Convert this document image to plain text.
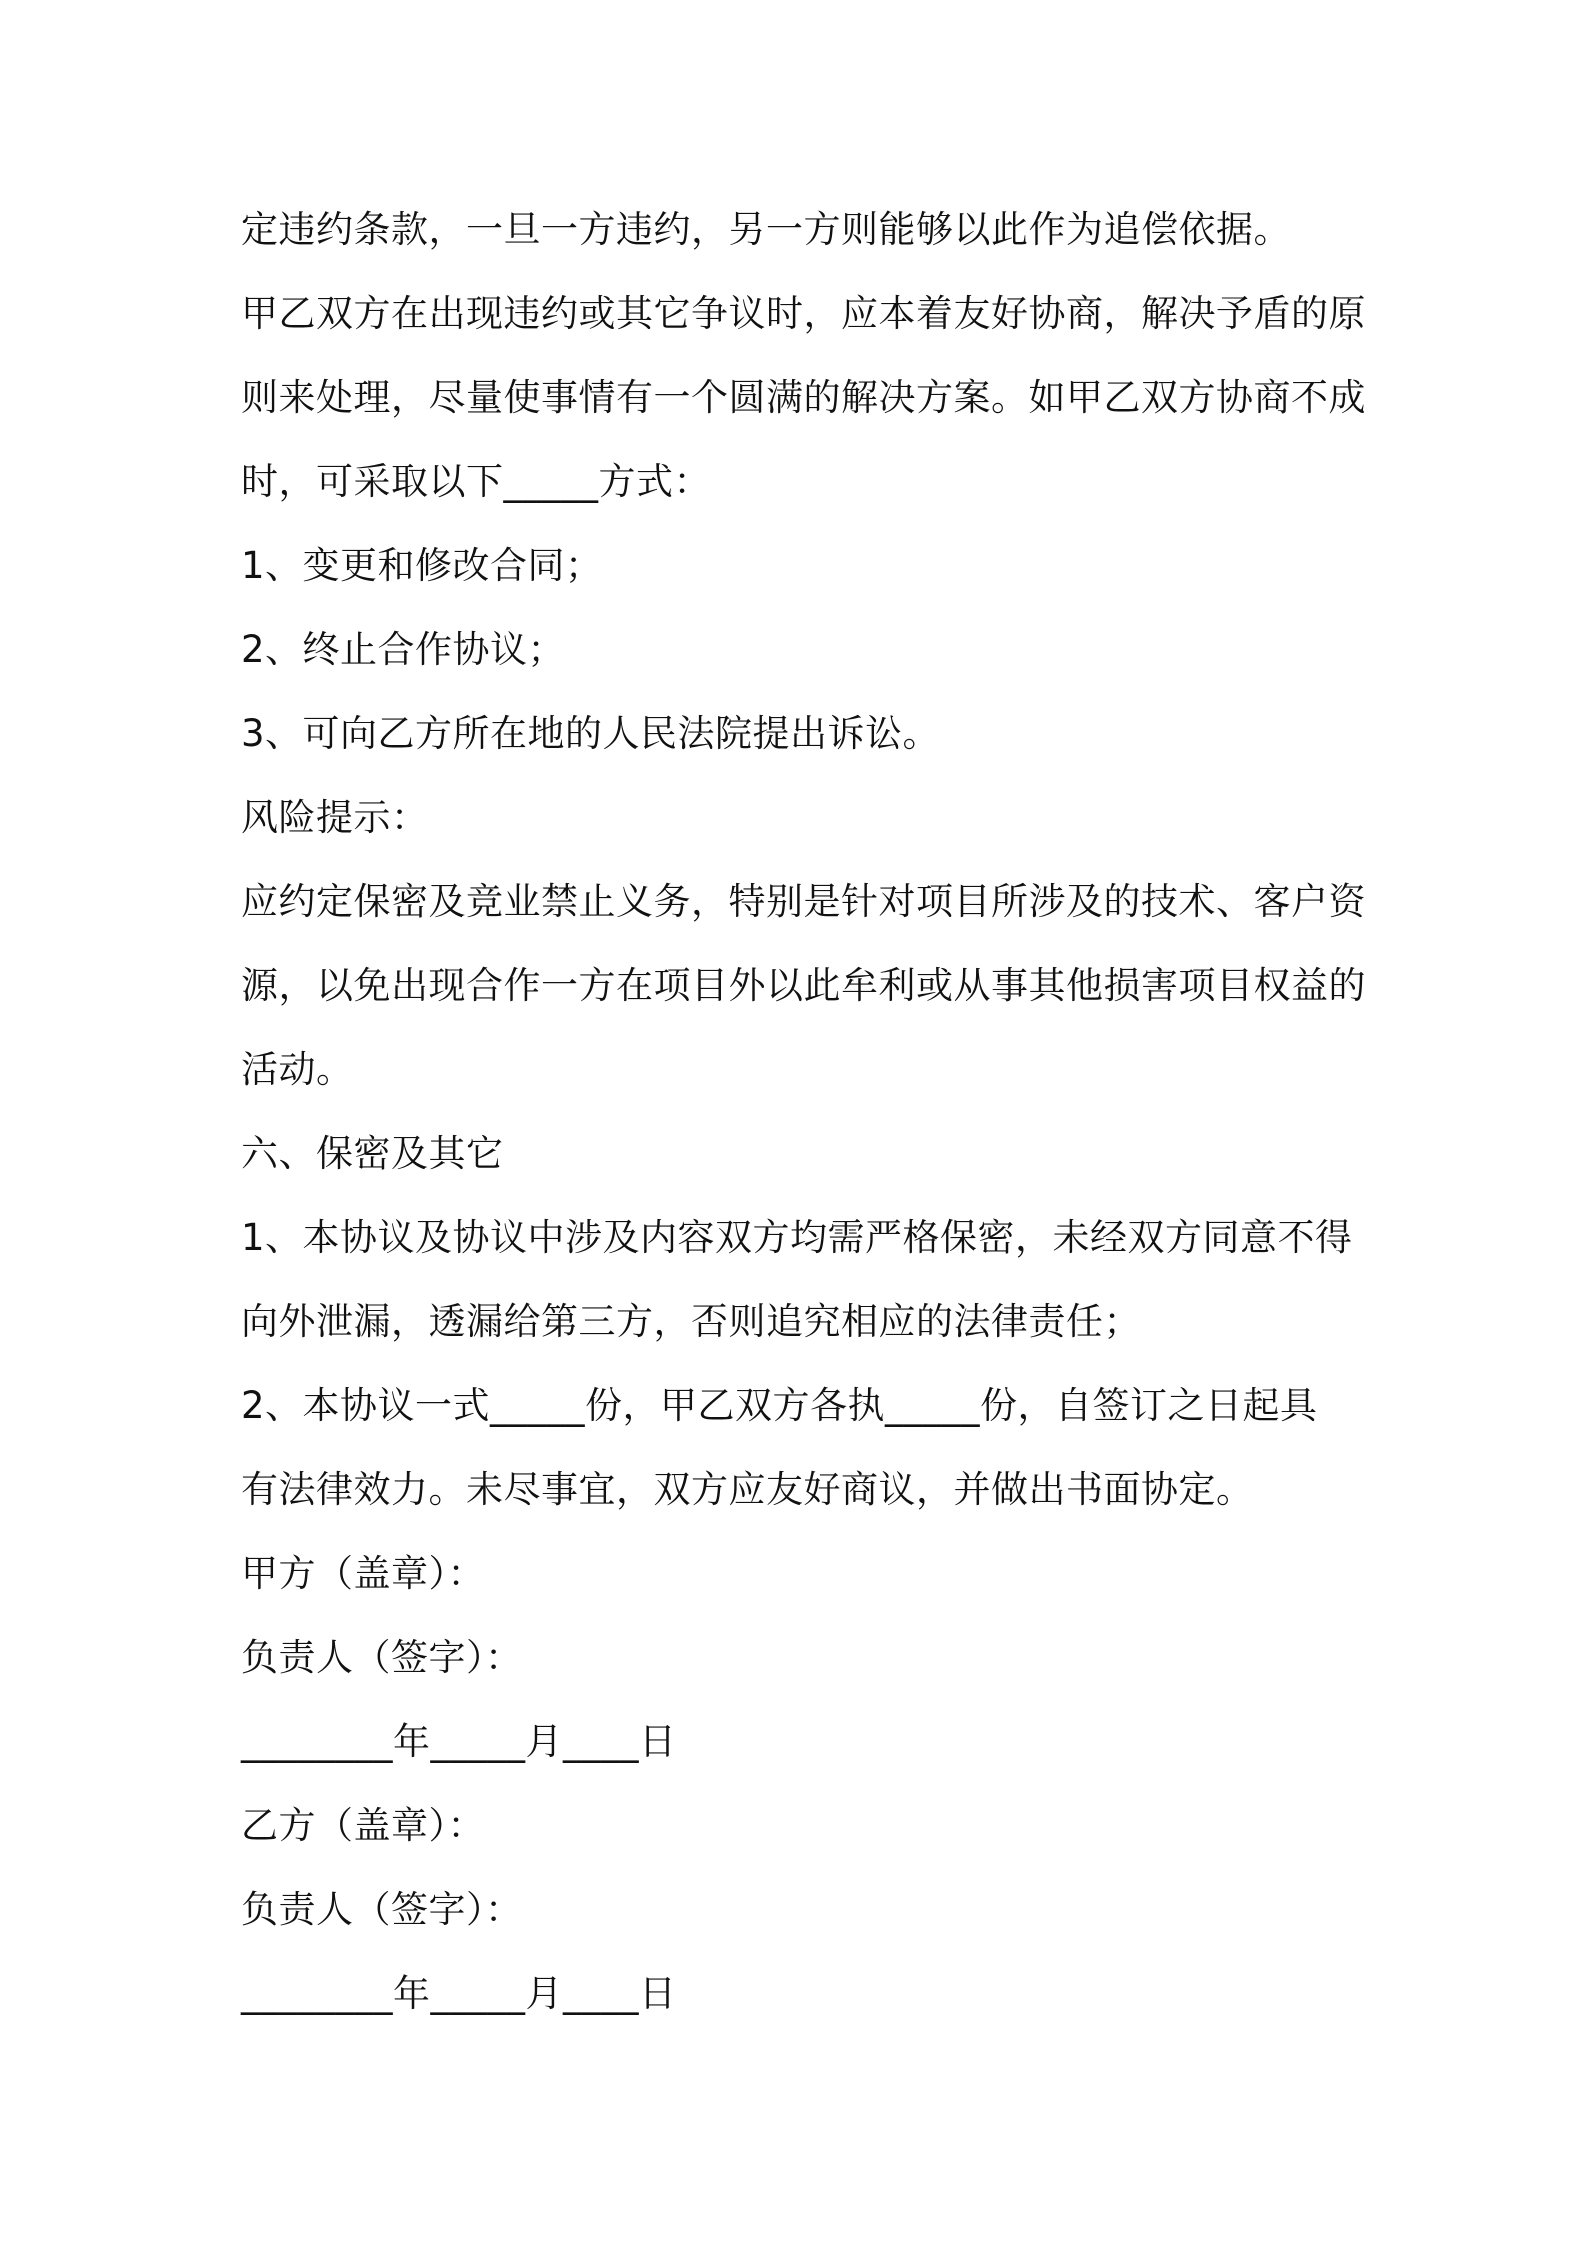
定违约条款，一旦一方违约，另一方则能够以此作为追偿依据。
甲乙双方在出现违约或其它争议时，应本着友好协商，解决予盾的原
则来处理，尽量使事情有一个圆满的解决方案。如甲乙双方协商不成
时，可采取以下_____方式：
1、变更和修改合同；
2、终止合作协议；
3、可向乙方所在地的人民法院提出诉讼。
风险提示：
应约定保密及竞业禁止义务，特别是针对项目所涉及的技术、客户资
源，以免出现合作一方在项目外以此牟利或从事其他损害项目权益的
活动。
六、保密及其它
1、本协议及协议中涉及内容双方均需严格保密，未经双方同意不得
向外泄漏，透漏给第三方，否则追究相应的法律责任；
2、本协议一式_____份，甲乙双方各执_____份，自签订之日起具
有法律效力。未尽事宜，双方应友好商议，并做出书面协定。
甲方（盖章）：
负责人（签字）：
________年_____月____日
乙方（盖章）：
负责人（签字）：
________年_____月____日
